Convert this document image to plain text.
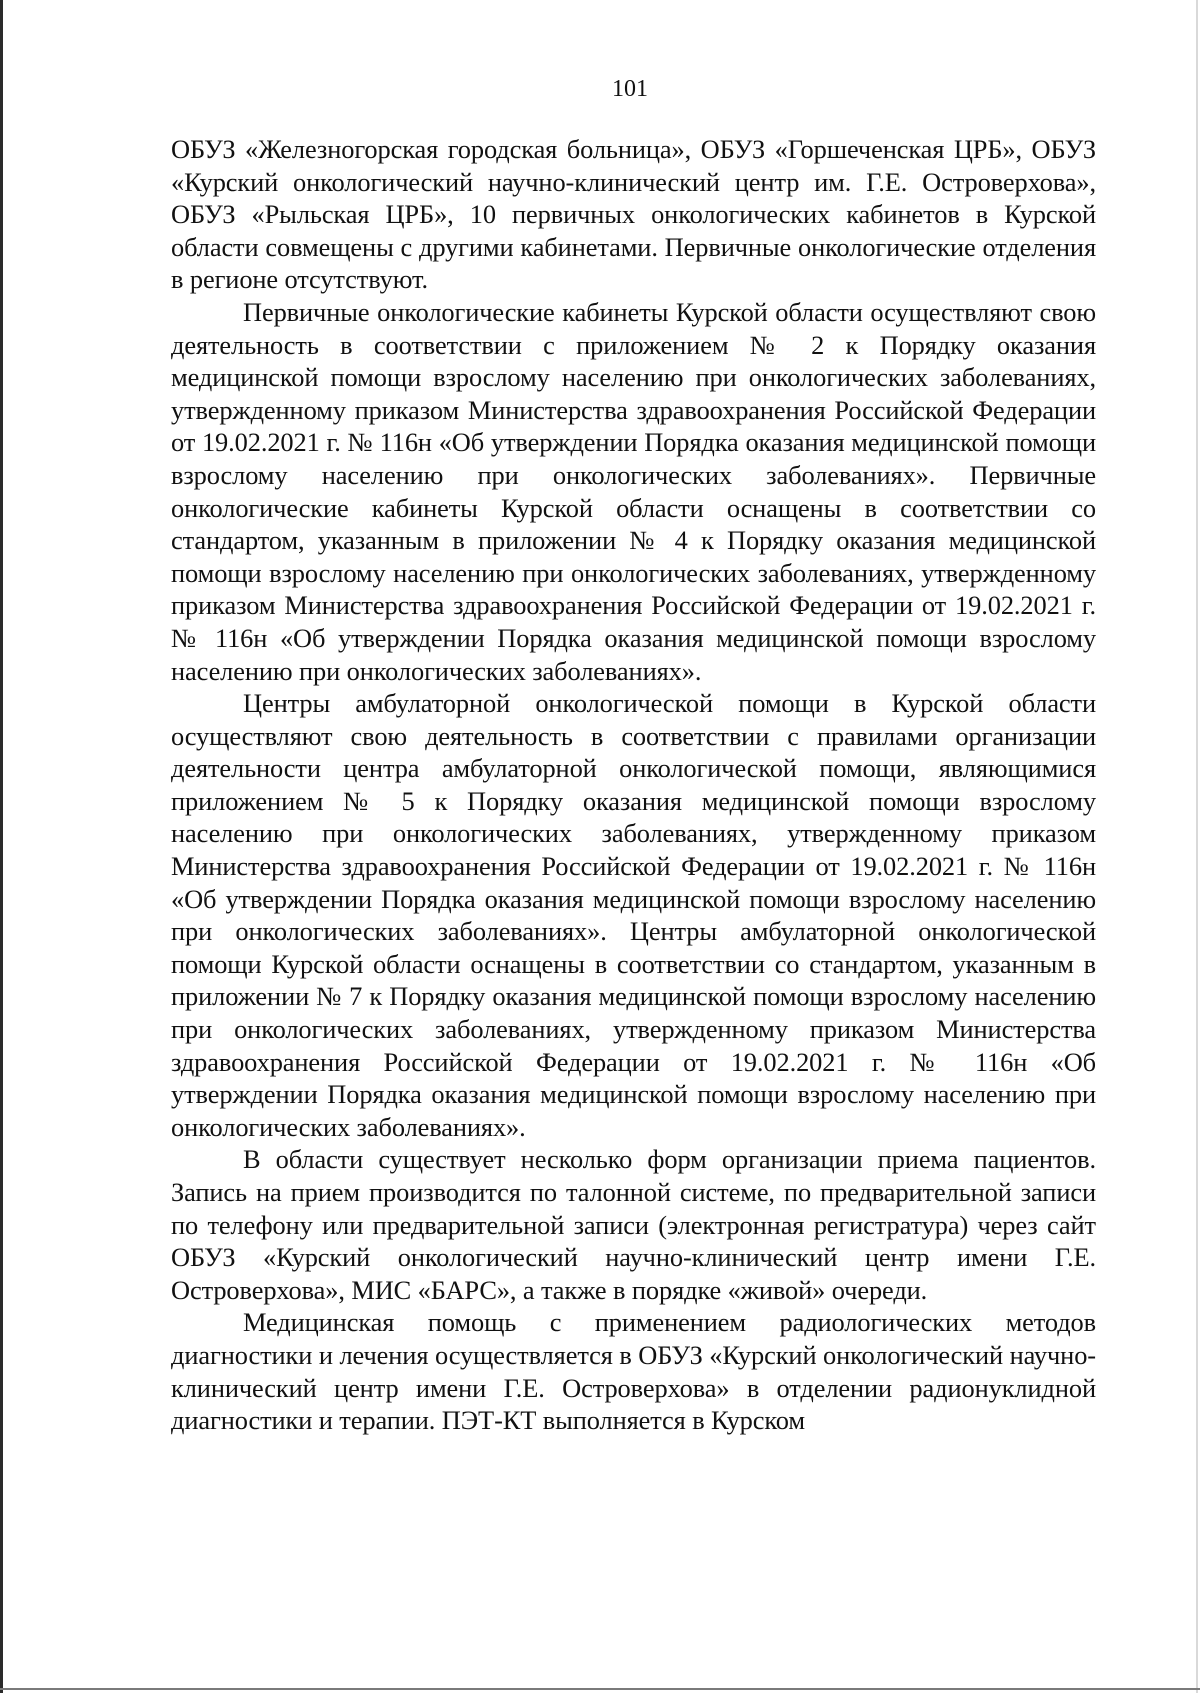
101

ОБУЗ «Железногорская городская больница», ОБУЗ «Горшеченская ЦРБ», ОБУЗ «Курский онкологический научно-клинический центр им. Г.Е. Островерхова», ОБУЗ «Рыльская ЦРБ», 10 первичных онкологических кабинетов в Курской области совмещены с другими кабинетами. Первичные онкологические отделения в регионе отсутствуют.

Первичные онкологические кабинеты Курской области осуществляют свою деятельность в соответствии с приложением № 2 к Порядку оказания медицинской помощи взрослому населению при онкологических заболеваниях, утвержденному приказом Министерства здравоохранения Российской Федерации от 19.02.2021 г. № 116н «Об утверждении Порядка оказания медицинской помощи взрослому населению при онкологических заболеваниях». Первичные онкологические кабинеты Курской области оснащены в соответствии со стандартом, указанным в приложении № 4 к Порядку оказания медицинской помощи взрослому населению при онкологических заболеваниях, утвержденному приказом Министерства здравоохранения Российской Федерации от 19.02.2021 г. № 116н «Об утверждении Порядка оказания медицинской помощи взрослому населению при онкологических заболеваниях».

Центры амбулаторной онкологической помощи в Курской области осуществляют свою деятельность в соответствии с правилами организации деятельности центра амбулаторной онкологической помощи, являющимися приложением № 5 к Порядку оказания медицинской помощи взрослому населению при онкологических заболеваниях, утвержденному приказом Министерства здравоохранения Российской Федерации от 19.02.2021 г. № 116н «Об утверждении Порядка оказания медицинской помощи взрослому населению при онкологических заболеваниях». Центры амбулаторной онкологической помощи Курской области оснащены в соответствии со стандартом, указанным в приложении № 7 к Порядку оказания медицинской помощи взрослому населению при онкологических заболеваниях, утвержденному приказом Министерства здравоохранения Российской Федерации от 19.02.2021 г. № 116н «Об утверждении Порядка оказания медицинской помощи взрослому населению при онкологических заболеваниях».

В области существует несколько форм организации приема пациентов. Запись на прием производится по талонной системе, по предварительной записи по телефону или предварительной записи (электронная регистратура) через сайт ОБУЗ «Курский онкологический научно-клинический центр имени Г.Е. Островерхова», МИС «БАРС», а также в порядке «живой» очереди.

Медицинская помощь с применением радиологических методов диагностики и лечения осуществляется в ОБУЗ «Курский онкологический научно-клинический центр имени Г.Е. Островерхова» в отделении радионуклидной диагностики и терапии. ПЭТ-КТ выполняется в Курском
